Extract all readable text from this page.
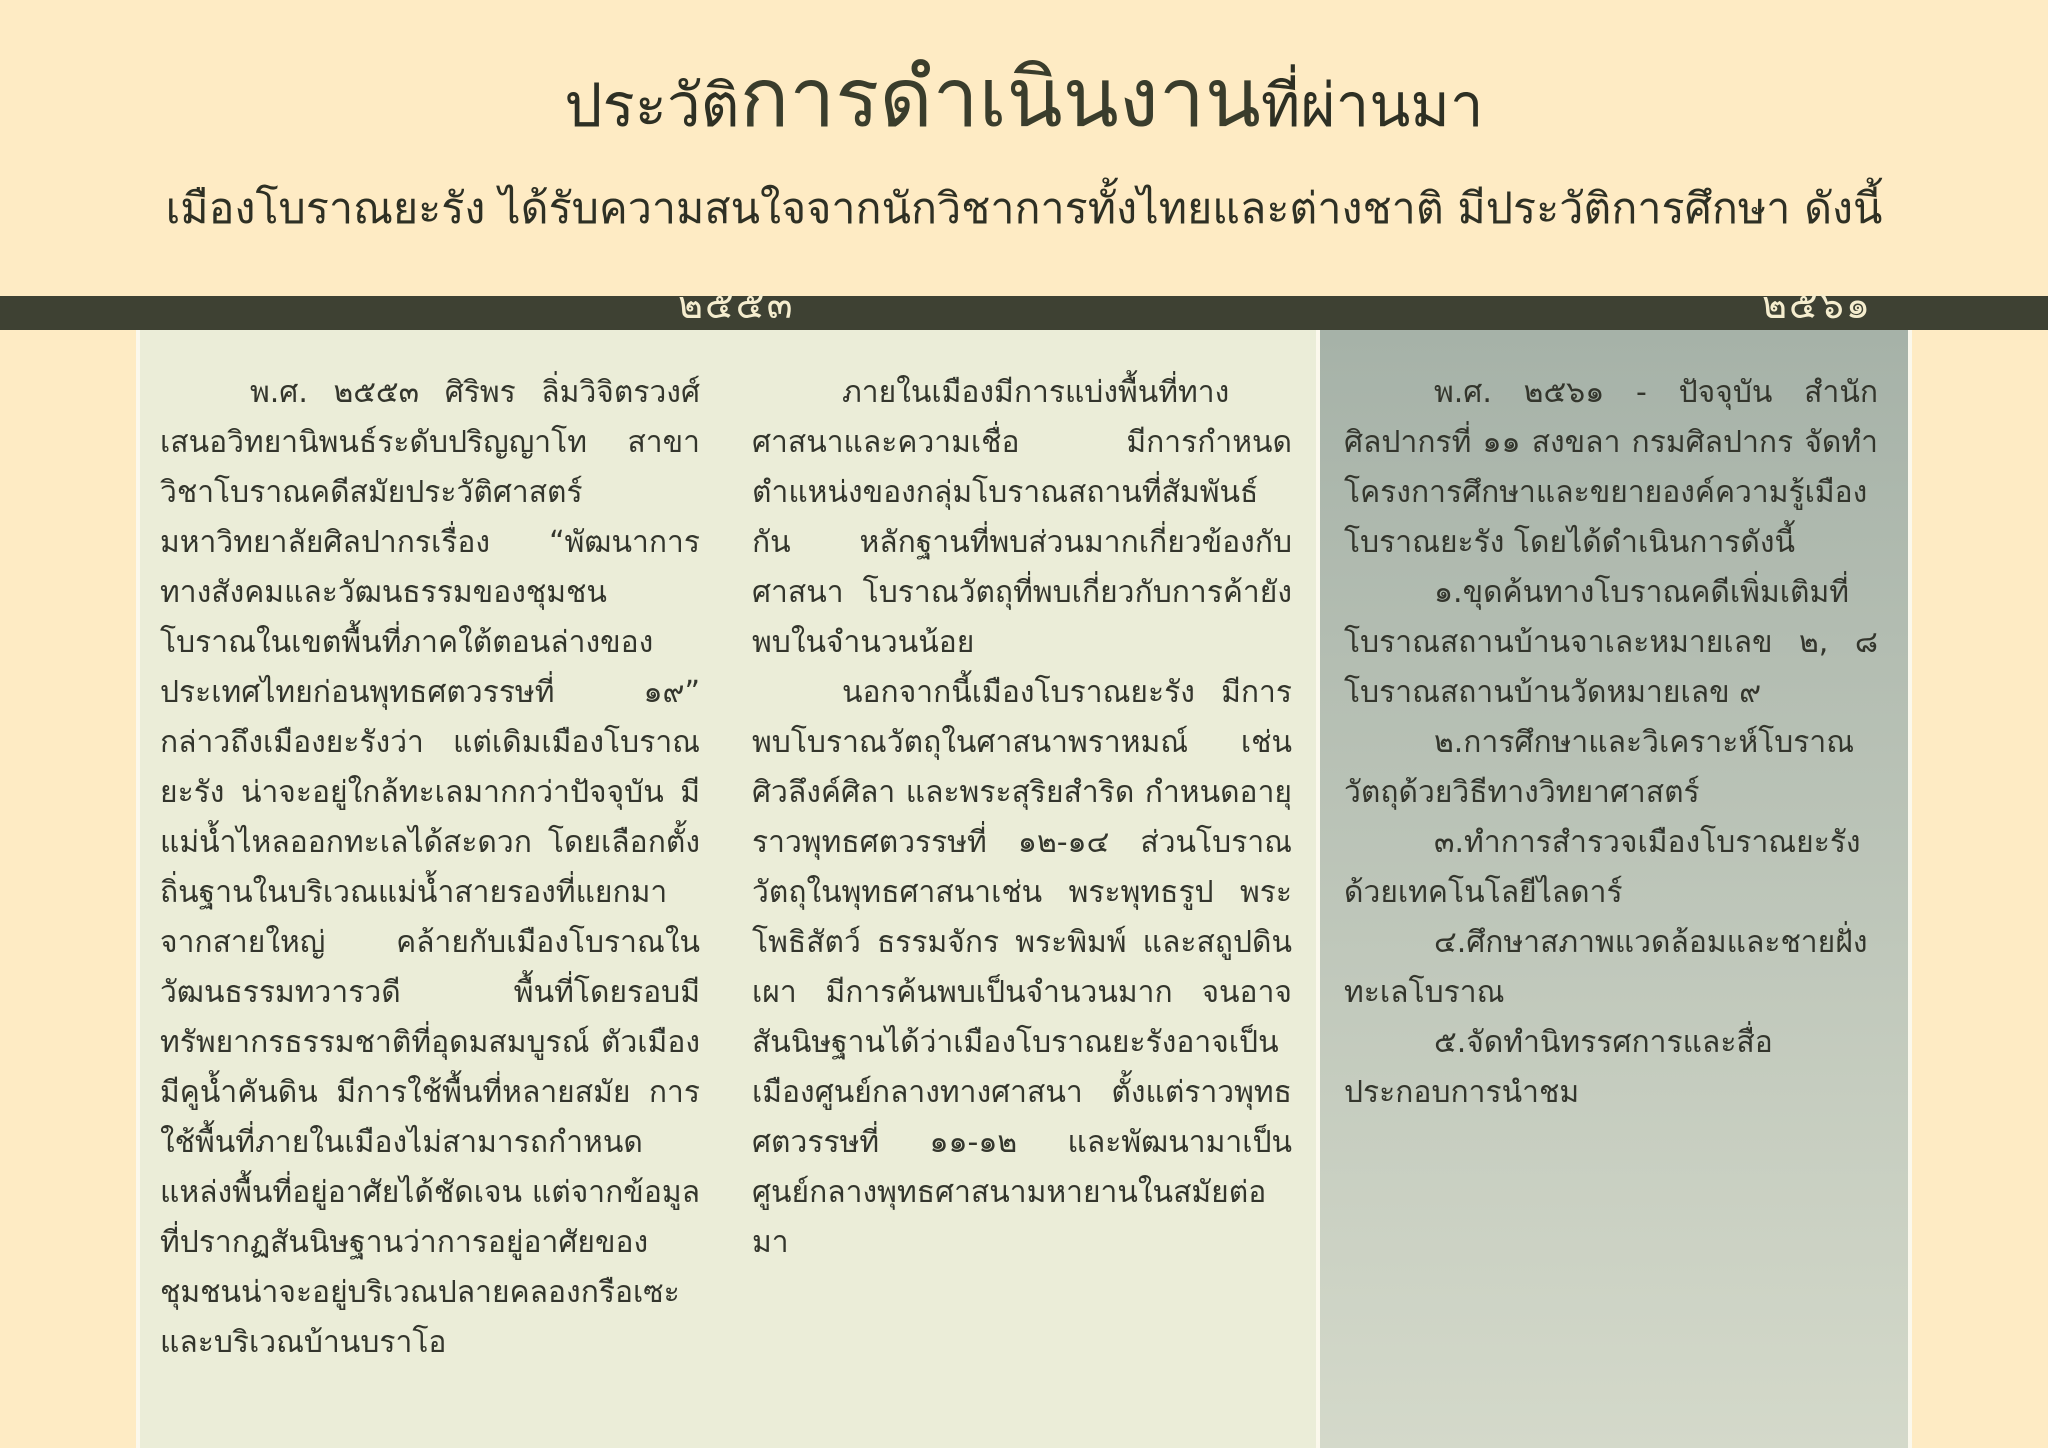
ประวัติการดำเนินงานที่ผ่านมา
เมืองโบราณยะรัง ได้รับความสนใจจากนักวิชาการทั้งไทยและต่างชาติ มีประวัติการศึกษา ดังนี้
๒๕๕๓	๒๕๖๑

พ.ศ. ๒๕๕๓ ศิริพร ลิ่มวิจิตรวงศ์ เสนอวิทยานิพนธ์ระดับปริญญาโท สาขาวิชาโบราณคดีสมัยประวัติศาสตร์มหาวิทยาลัยศิลปากรเรื่อง “พัฒนาการทางสังคมและวัฒนธรรมของชุมชนโบราณในเขตพื้นที่ภาคใต้ตอนล่างของประเทศไทยก่อนพุทธศตวรรษที่ ๑๙” กล่าวถึงเมืองยะรังว่า แต่เดิมเมืองโบราณยะรัง น่าจะอยู่ใกล้ทะเลมากกว่าปัจจุบัน มีแม่น้ำไหลออกทะเลได้สะดวก โดยเลือกตั้งถิ่นฐานในบริเวณแม่น้ำสายรองที่แยกมาจากสายใหญ่ คล้ายกับเมืองโบราณในวัฒนธรรมทวารวดี พื้นที่โดยรอบมีทรัพยากรธรรมชาติที่อุดมสมบูรณ์ ตัวเมืองมีคูน้ำคันดิน มีการใช้พื้นที่หลายสมัย การใช้พื้นที่ภายในเมืองไม่สามารถกำหนดแหล่งพื้นที่อยู่อาศัยได้ชัดเจน แต่จากข้อมูลที่ปรากฏสันนิษฐานว่าการอยู่อาศัยของชุมชนน่าจะอยู่บริเวณปลายคลองกรือเซะ และบริเวณบ้านบราโอ

ภายในเมืองมีการแบ่งพื้นที่ทางศาสนาและความเชื่อ มีการกำหนดตำแหน่งของกลุ่มโบราณสถานที่สัมพันธ์กัน หลักฐานที่พบส่วนมากเกี่ยวข้องกับศาสนา โบราณวัตถุที่พบเกี่ยวกับการค้ายังพบในจำนวนน้อย

นอกจากนี้เมืองโบราณยะรัง มีการพบโบราณวัตถุในศาสนาพราหมณ์ เช่น ศิวลึงค์ศิลา และพระสุริยสำริด กำหนดอายุราวพุทธศตวรรษที่ ๑๒-๑๔ ส่วนโบราณวัตถุในพุทธศาสนาเช่น พระพุทธรูป พระโพธิสัตว์ ธรรมจักร พระพิมพ์ และสถูปดินเผา มีการค้นพบเป็นจำนวนมาก จนอาจสันนิษฐานได้ว่าเมืองโบราณยะรังอาจเป็นเมืองศูนย์กลางทางศาสนา ตั้งแต่ราวพุทธศตวรรษที่ ๑๑-๑๒ และพัฒนามาเป็นศูนย์กลางพุทธศาสนามหายานในสมัยต่อมา

พ.ศ. ๒๕๖๑ - ปัจจุบัน สำนักศิลปากรที่ ๑๑ สงขลา กรมศิลปากร จัดทำโครงการศึกษาและขยายองค์ความรู้เมืองโบราณยะรัง โดยได้ดำเนินการดังนี้

๑.ขุดค้นทางโบราณคดีเพิ่มเติมที่โบราณสถานบ้านจาเละหมายเลข ๒, ๘ โบราณสถานบ้านวัดหมายเลข ๙

๒.การศึกษาและวิเคราะห์โบราณวัตถุด้วยวิธีทางวิทยาศาสตร์

๓.ทำการสำรวจเมืองโบราณยะรังด้วยเทคโนโลยีไลดาร์

๔.ศึกษาสภาพแวดล้อมและชายฝั่งทะเลโบราณ

๕.จัดทำนิทรรศการและสื่อประกอบการนำชม
